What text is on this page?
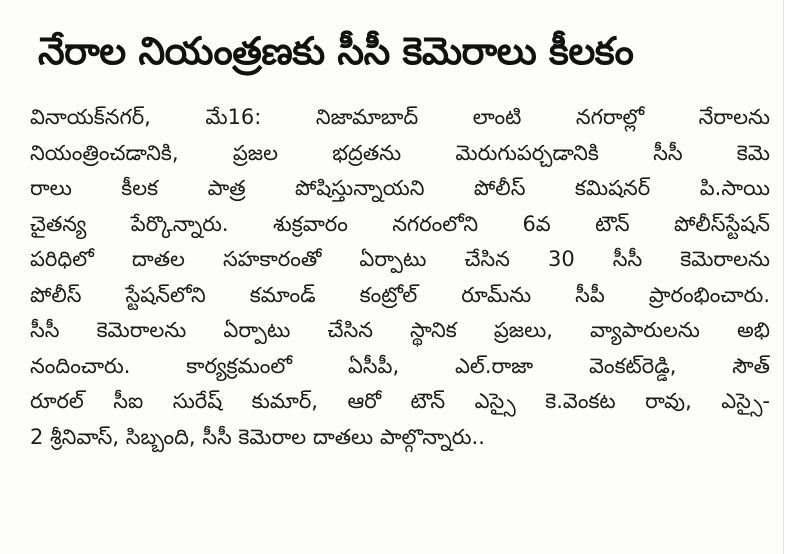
నేరాల నియంత్రణకు సీసీ కెమెరాలు కీలకం
వినాయక్‌నగర్, మే16: నిజామాబాద్ లాంటి నగరాల్లో నేరాలను
నియంత్రించడానికి, ప్రజల భద్రతను మెరుగుపర్చడానికి సీసీ కెమె
రాలు కీలక పాత్ర పోషిస్తున్నాయని పోలీస్ కమిషనర్ పి.సాయి
చైతన్య పేర్కొన్నారు. శుక్రవారం నగరంలోని 6వ టౌన్ పోలీస్‌స్టేషన్
పరిధిలో దాతల సహకారంతో ఏర్పాటు చేసిన 30 సీసీ కెమెరాలను
పోలీస్ స్టేషన్‌లోని కమాండ్ కంట్రోల్ రూమ్‌ను సీపీ ప్రారంభించారు.
సీసీ కెమెరాలను ఏర్పాటు చేసిన స్థానిక ప్రజలు, వ్యాపారులను అభి
నందించారు. కార్యక్రమంలో ఏసీపీ, ఎల్.రాజా వెంకట్‌రెడ్డి, సౌత్
రూరల్ సీఐ సురేష్ కుమార్, ఆరో టౌన్ ఎస్సై కె.వెంకట రావు, ఎస్సై-
2 శ్రీనివాస్, సిబ్బంది, సీసీ కెమెరాల దాతలు పాల్గొన్నారు..
